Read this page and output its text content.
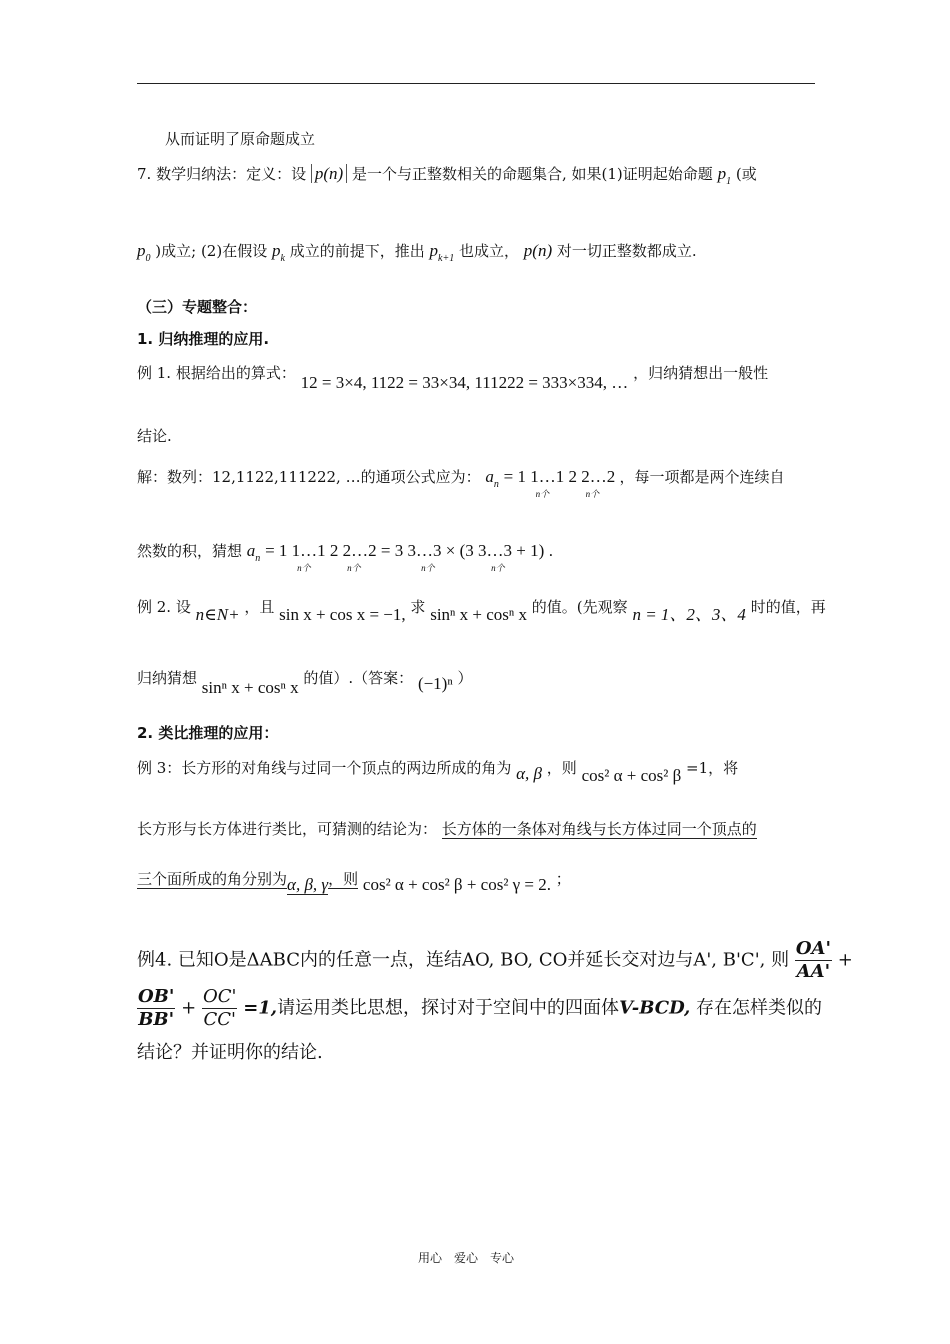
从而证明了原命题成立
7. 数学归纳法：定义：设 p(n) 是一个与正整数相关的命题集合, 如果(1)证明起始命题 $p_1$ (或
$p_0$ )成立; (2)在假设 $p_k$ 成立的前提下，推出 $p_{k+1}$ 也成立， p(n) 对一切正整数都成立.
（三）专题整合：
1. 归纳推理的应用.
例 1. 根据给出的算式： 12 = 3×4, 1122 = 33×34, 111222 = 333×334, … ，归纳猜想出一般性
结论.
解：数列：12,1122,111222, …的通项公式应为： $a_n = 1$ 1…1 2 2…2
n个	n个
，每一项都是两个连续自
然数的积，猜想 $a_n = 1$ 1…1 2 2…2 = 3 3…3 × (3 3…3 + 1)
n个	n个	n个	n个
.
例 2. 设 n∈N+ ，且 sin x + cos x = −1, 求 sinⁿ x + cosⁿ x 的值。(先观察 n = 1、2、3、4 时的值，再
归纳猜想 sinⁿ x + cosⁿ x 的值）.（答案： (−1)ⁿ ）
2. 类比推理的应用：
例 3：长方形的对角线与过同一个顶点的两边所成的角为 α, β ，则 cos² α + cos² β =1，将
长方形与长方体进行类比，可猜测的结论为： 长方体的一条体对角线与长方体过同一个顶点的
三个面所成的角分别为α, β, γ，则 cos² α + cos² β + cos² γ = 2. ；
例4. 已知O是ΔABC内的任意一点，连结AO, BO, CO并延长交对边与A', B'C', 则 $\frac{OA'}{AA'}$ +
$\frac{OB'}{BB'} + \frac{OC'}{CC'} =1$,请运用类比思想，探讨对于空间中的四面体V-BCD, 存在怎样类似的
结论？并证明你的结论.
用心　爱心　专心
